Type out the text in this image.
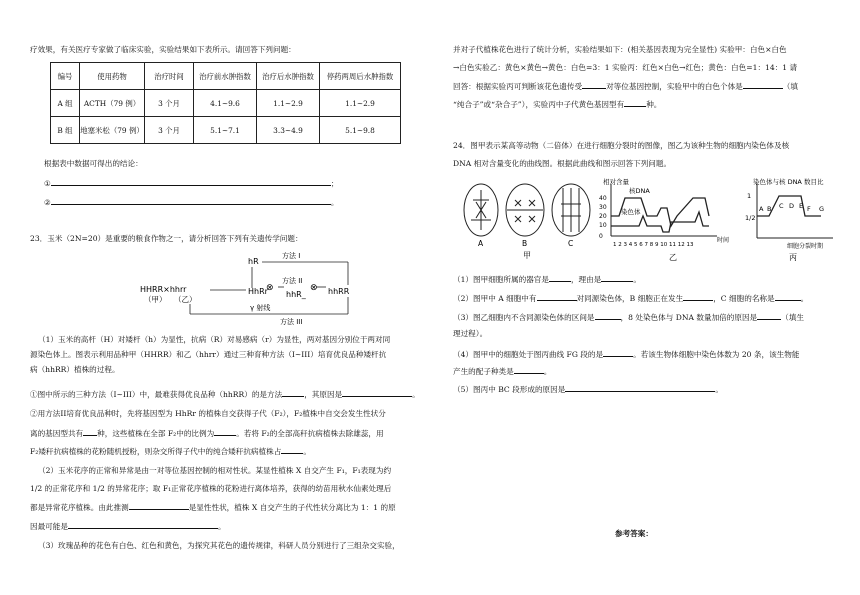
疗效果，有关医疗专家做了临床实验，实验结果如下表所示。请回答下列问题：
编号	使用药物	治疗时间	治疗前水肿指数	治疗后水肿指数	停药两周后水肿指数
A 组	ACTH（79 例）	3 个月	4.1~9.6	1.1~2.9	1.1~2.9
B 组	地塞米松（79 例）	3 个月	5.1~7.1	3.3~4.9	5.1~9.8
根据表中数据可得出的结论：
①	；
②	。
23．玉米（2N=20）是重要的粮食作物之一，请分析回答下列有关遗传学问题：
HHRR×hhrr
（甲） （乙）
hR
HhRr
方法 I
方法 II
hhR_	hhRR
⊗	⊗
γ 射线
方法 III
（1）玉米的高杆（H）对矮杆（h）为显性，抗病（R）对易感病（r）为显性，两对基因分别位于两对同
源染色体上。图表示利用品种甲（HHRR）和乙（hhrr）通过三种育种方法（I~III）培育优良品种矮杆抗
病（hhRR）植株的过程。
①图中所示的三种方法（I~III）中，最难获得优良品种（hhRR）的是方法	，其原因是	。
②用方法II培育优良品种时，先将基因型为 HhRr 的植株自交获得子代（F₂），F₂植株中自交会发生性状分
离的基因型共有 种，这些植株在全部 F₂中的比例为	。若将 F₂的全部高秆抗病植株去除雄蕊，用
F₂矮秆抗病植株的花粉随机授粉，则杂交所得子代中的纯合矮秆抗病植株占	。
（2）玉米花序的正常和异常是由一对等位基因控制的相对性状。某显性植株 X 自交产生 F₁，F₁表现为约
1/2 的正常花序和 1/2 的异常花序；取 F₁正常花序植株的花粉进行离体培养，获得的幼苗用秋水仙素处理后
都是异常花序植株。由此推测	是显性性状，植株 X 自交产生的子代性状分离比为 1：1 的原
因最可能是	。
（3）玫瑰品种的花色有白色、红色和黄色，为探究其花色的遗传规律，科研人员分别进行了三组杂交实验，
并对子代植株花色进行了统计分析，实验结果如下：(相关基因表现为完全显性) 实验甲：白色×白色
→白色实验乙：黄色×黄色→黄色：白色=3：1 实验丙：红色×白色→红色；黄色：白色=1：14：1 请
回答：根据实验丙可判断该花色遗传受	对等位基因控制，实验甲中的白色个体是	（填
“纯合子”或“杂合子”），实验丙中子代黄色基因型有	种。
24．图甲表示某高等动物（二倍体）在进行细胞分裂时的图像，图乙为该种生物的细胞内染色体及核
DNA 相对含量变化的曲线图。根据此曲线和图示回答下列问题。
A	B	C
甲
相对含量
核DNA
染色体
40
30
20
10
0
1 2 3 4 5 6 7 8 9 10 11 12 13
时间
乙
染色体与核 DNA 数目比
1
1/2
A B C D E F G
细胞分裂时期
丙
（1）图甲细胞所属的器官是	，理由是	。
（2）图甲中 A 细胞中有	对同源染色体，B 细胞正在发生	，C 细胞的名称是	。
（3）图乙细胞内不含同源染色体的区间是	，8 处染色体与 DNA 数量加倍的原因是	（填生
理过程）。
（4）图甲中的细胞处于图丙曲线 FG 段的是	。若该生物体细胞中染色体数为 20 条，该生物能
产生的配子种类是	。
（5）图丙中 BC 段形成的原因是	。
参考答案：
